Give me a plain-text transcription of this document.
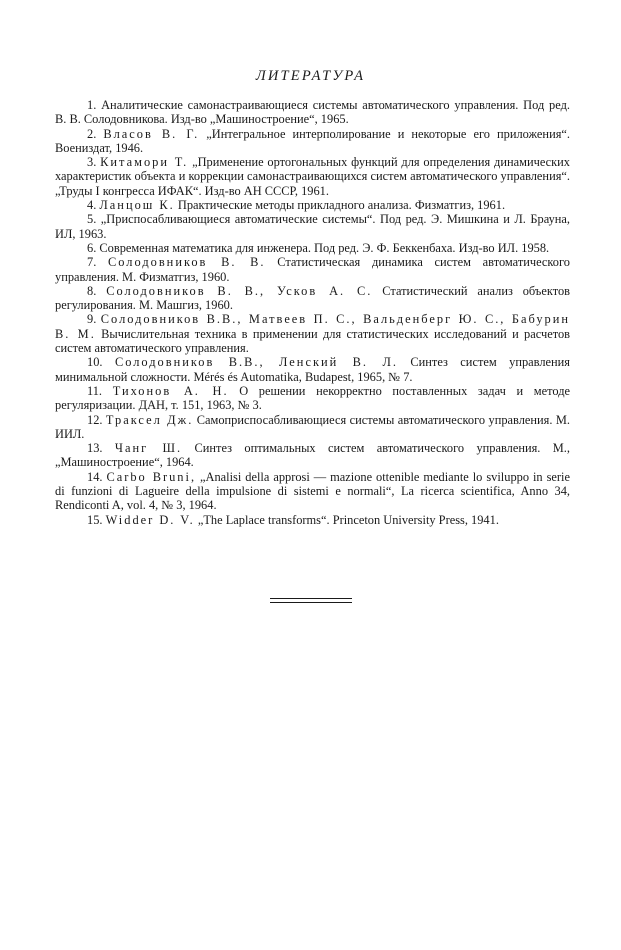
ЛИТЕРАТУРА

1. Аналитические самонастраивающиеся системы автоматического управления. Под ред. В. В. Солодовникова. Изд-во „Машиностроение“, 1965.

2. Власов В. Г. „Интегральное интерполирование и некоторые его приложения“. Воениздат, 1946.

3. Китамори Т. „Применение ортогональных функций для определения динамических характеристик объекта и коррекции самонастраивающихся систем автоматического управления“. „Труды I конгресса ИФАК“. Изд-во АН СССР, 1961.

4. Ланцош К. Практические методы прикладного анализа. Физматгиз, 1961.

5. „Приспосабливающиеся автоматические системы“. Под ред. Э. Мишкина и Л. Брауна, ИЛ, 1963.

6. Современная математика для инженера. Под ред. Э. Ф. Беккенбаха. Изд-во ИЛ. 1958.

7. Солодовников В. В. Статистическая динамика систем автоматического управления. М. Физматгиз, 1960.

8. Солодовников В. В., Усков А. С. Статистический анализ объектов регулирования. М. Машгиз, 1960.

9. Солодовников В.В., Матвеев П. С., Вальденберг Ю. С., Бабурин В. М. Вычислительная техника в применении для статистических исследований и расчетов систем автоматического управления.

10. Солодовников В.В., Ленский В. Л. Синтез систем управления минимальной сложности. Mérés és Automatika, Budapest, 1965, № 7.

11. Тихонов А. Н. О решении некорректно поставленных задач и методе регуляризации. ДАН, т. 151, 1963, № 3.

12. Траксел Дж. Самоприспосабливающиеся системы автоматического управления. М. ИИЛ.

13. Чанг Ш. Синтез оптимальных систем автоматического управления. М., „Машиностроение“, 1964.

14. Carbo Bruni, „Analisi della approsi — mazione ottenible mediante lo sviluppo in serie di funzioni di Lagueire della impulsione di sistemi e normali“, La ricerca scientifica, Anno 34, Rendiconti A, vol. 4, № 3, 1964.

15. Widder D. V. „The Laplace transforms“. Princeton University Press, 1941.
